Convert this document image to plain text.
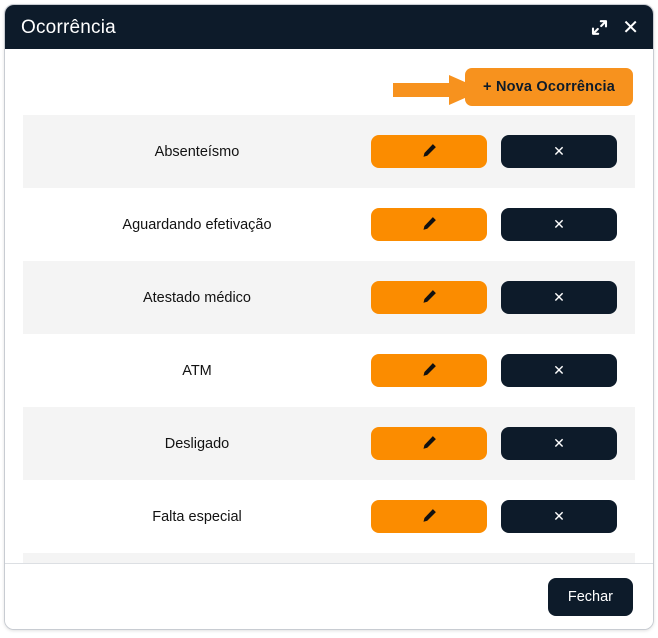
Ocorrência	✕
+ Nova Ocorrência
Absenteísmo	✕
Aguardando efetivação	✕
Atestado médico	✕
ATM	✕
Desligado	✕
Falta especial	✕
Fechar
